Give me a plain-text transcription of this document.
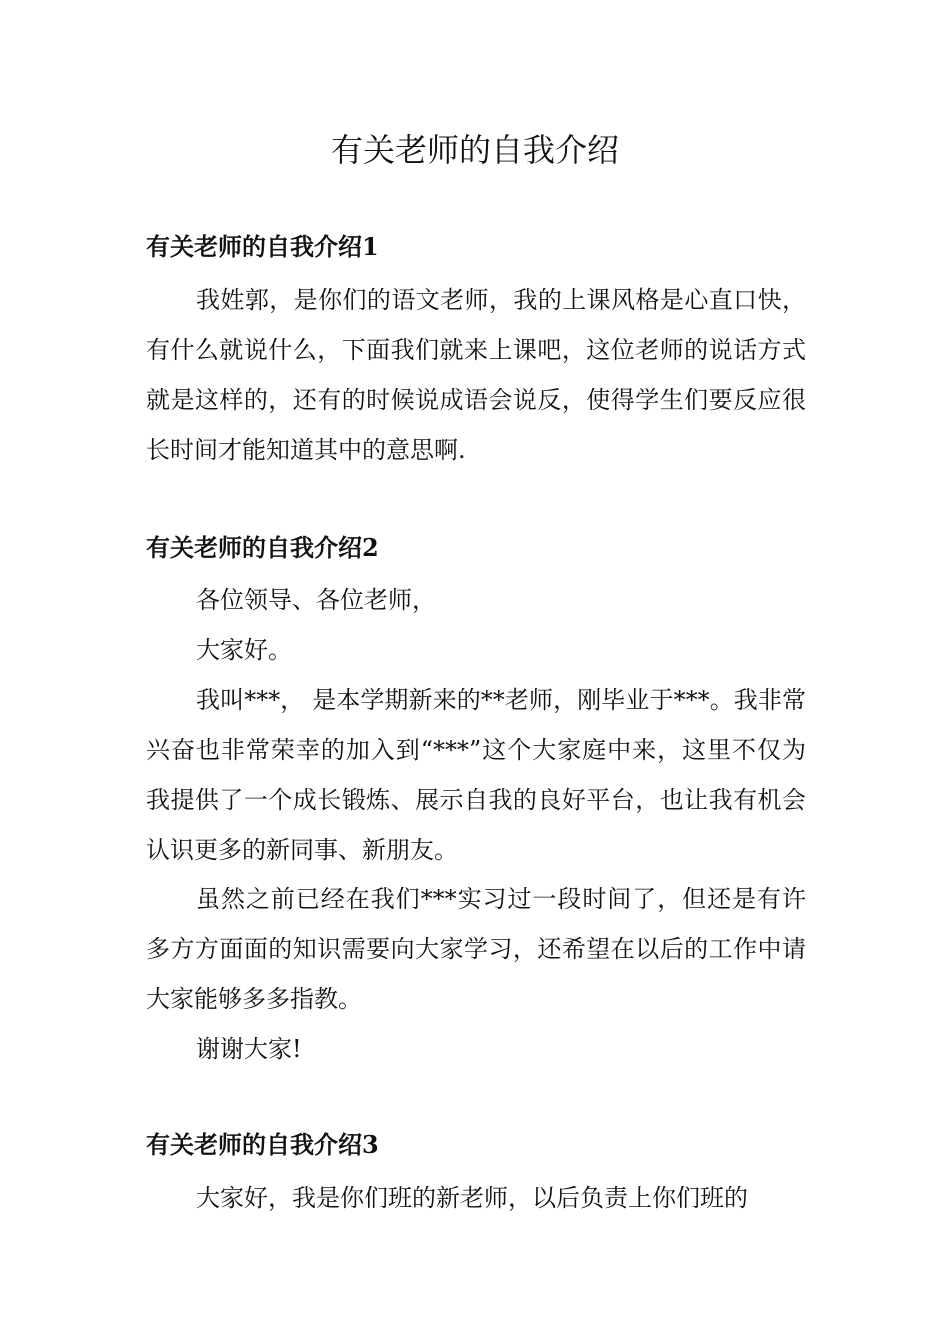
有关老师的自我介绍
有关老师的自我介绍1

我姓郭，是你们的语文老师，我的上课风格是心直口快，有什么就说什么，下面我们就来上课吧，这位老师的说话方式就是这样的，还有的时候说成语会说反，使得学生们要反应很长时间才能知道其中的意思啊.

有关老师的自我介绍2

各位领导、各位老师，

大家好。

我叫***， 是本学期新来的**老师，刚毕业于***。我非常兴奋也非常荣幸的加入到“***”这个大家庭中来，这里不仅为我提供了一个成长锻炼、展示自我的良好平台，也让我有机会认识更多的新同事、新朋友。

虽然之前已经在我们***实习过一段时间了，但还是有许多方方面面的知识需要向大家学习，还希望在以后的工作中请大家能够多多指教。

谢谢大家!

有关老师的自我介绍3

大家好，我是你们班的新老师，以后负责上你们班的
